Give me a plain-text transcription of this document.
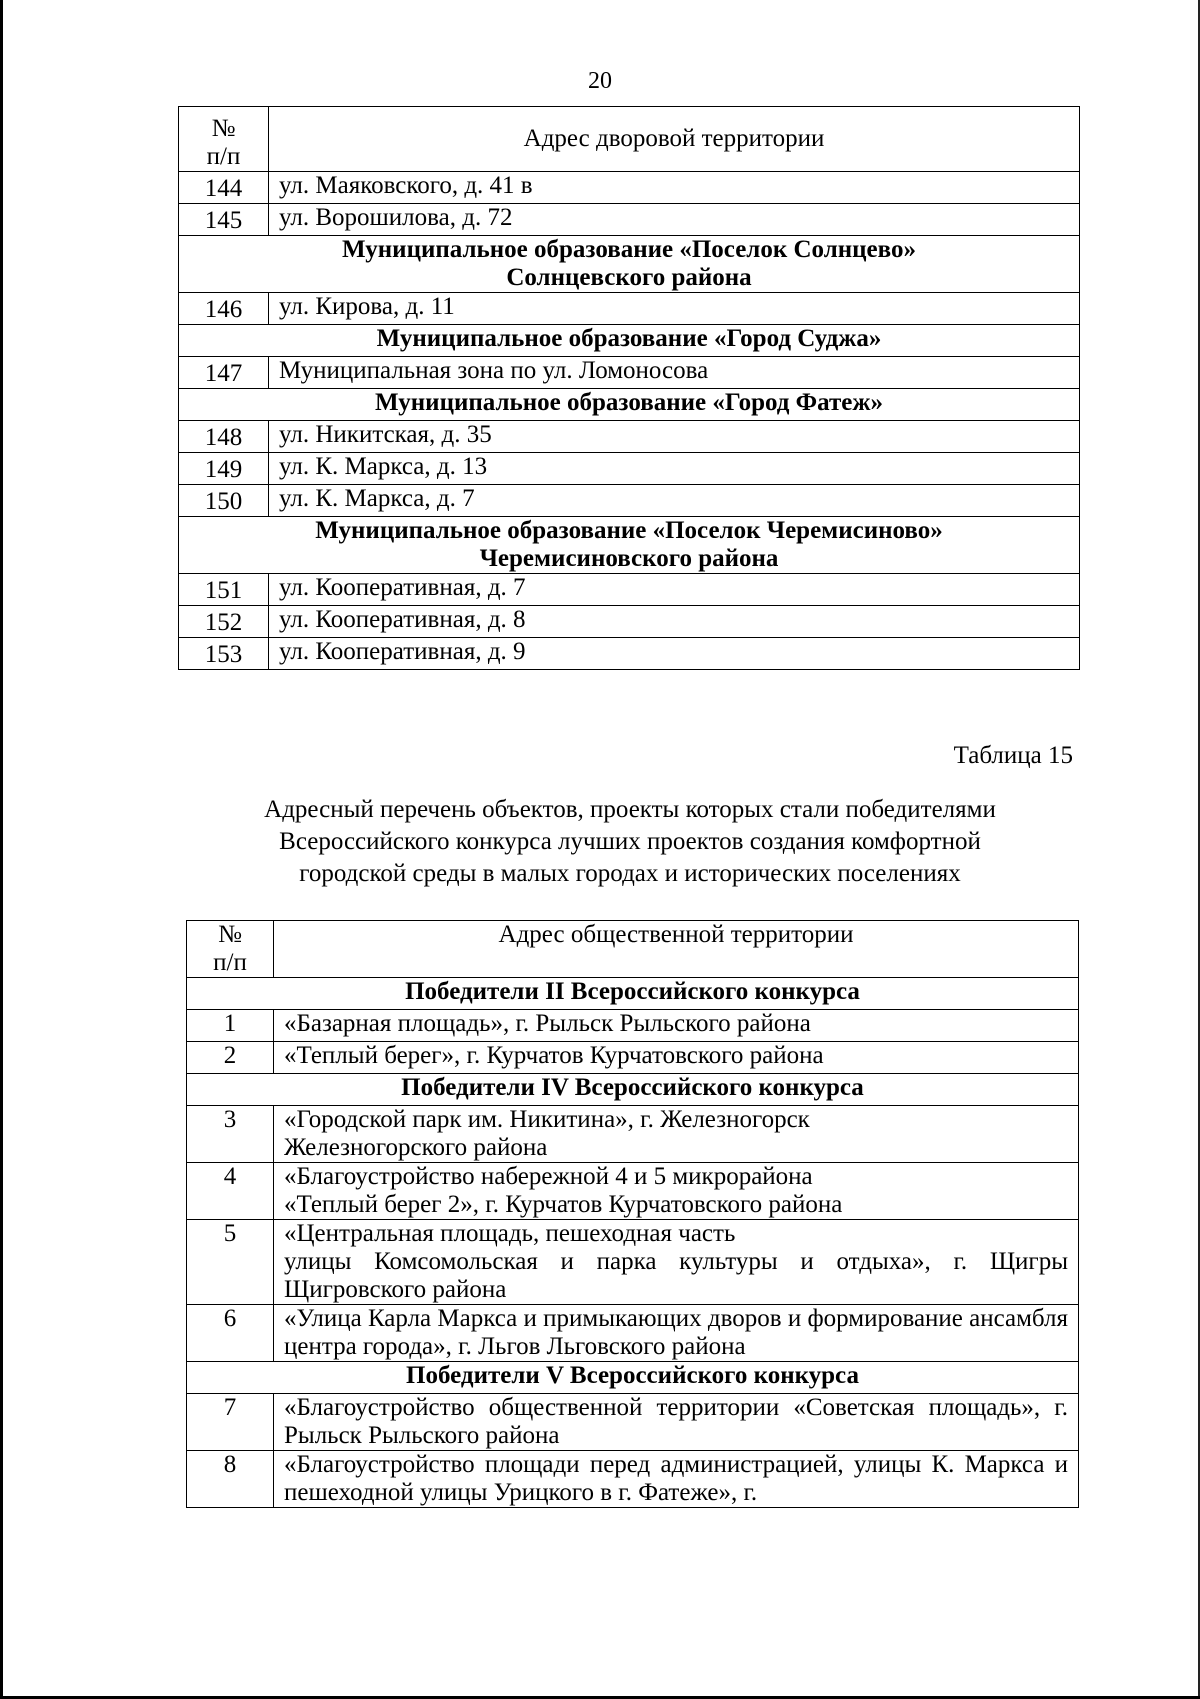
20
№
п/п	Адрес дворовой территории
144	ул. Маяковского, д. 41 в
145	ул. Ворошилова, д. 72
Муниципальное образование «Поселок Солнцево»
Солнцевского района	
146	ул. Кирова, д. 11
Муниципальное образование «Город Суджа»	
147	Муниципальная зона по ул. Ломоносова
Муниципальное образование «Город Фатеж»	
148	ул. Никитская, д. 35
149	ул. К. Маркса, д. 13
150	ул. К. Маркса, д. 7
Муниципальное образование «Поселок Черемисиново»
Черемисиновского района	
151	ул. Кооперативная, д. 7
152	ул. Кооперативная, д. 8
153	ул. Кооперативная, д. 9
Таблица 15
Адресный перечень объектов, проекты которых стали победителями
Всероссийского конкурса лучших проектов создания комфортной
городской среды в малых городах и исторических поселениях
№
п/п	Адрес общественной территории
Победители II Всероссийского конкурса	
1	«Базарная площадь», г. Рыльск Рыльского района
2	«Теплый берег», г. Курчатов Курчатовского района
Победители IV Всероссийского конкурса	
3	«Городской парк им. Никитина», г. Железногорск
Железногорского района
4	«Благоустройство набережной 4 и 5 микрорайона
«Теплый берег 2», г. Курчатов Курчатовского района
5	«Центральная площадь, пешеходная часть
улицы Комсомольская и парка культуры и отдыха», г. Щигры Щигровского района
6	«Улица Карла Маркса и примыкающих дворов и формирование ансамбля центра города», г. Льгов Льговского района
Победители V Всероссийского конкурса	
7	«Благоустройство общественной территории «Советская площадь», г. Рыльск Рыльского района
8	«Благоустройство площади перед администрацией, улицы К. Маркса и пешеходной улицы Урицкого в г. Фатеже», г.
